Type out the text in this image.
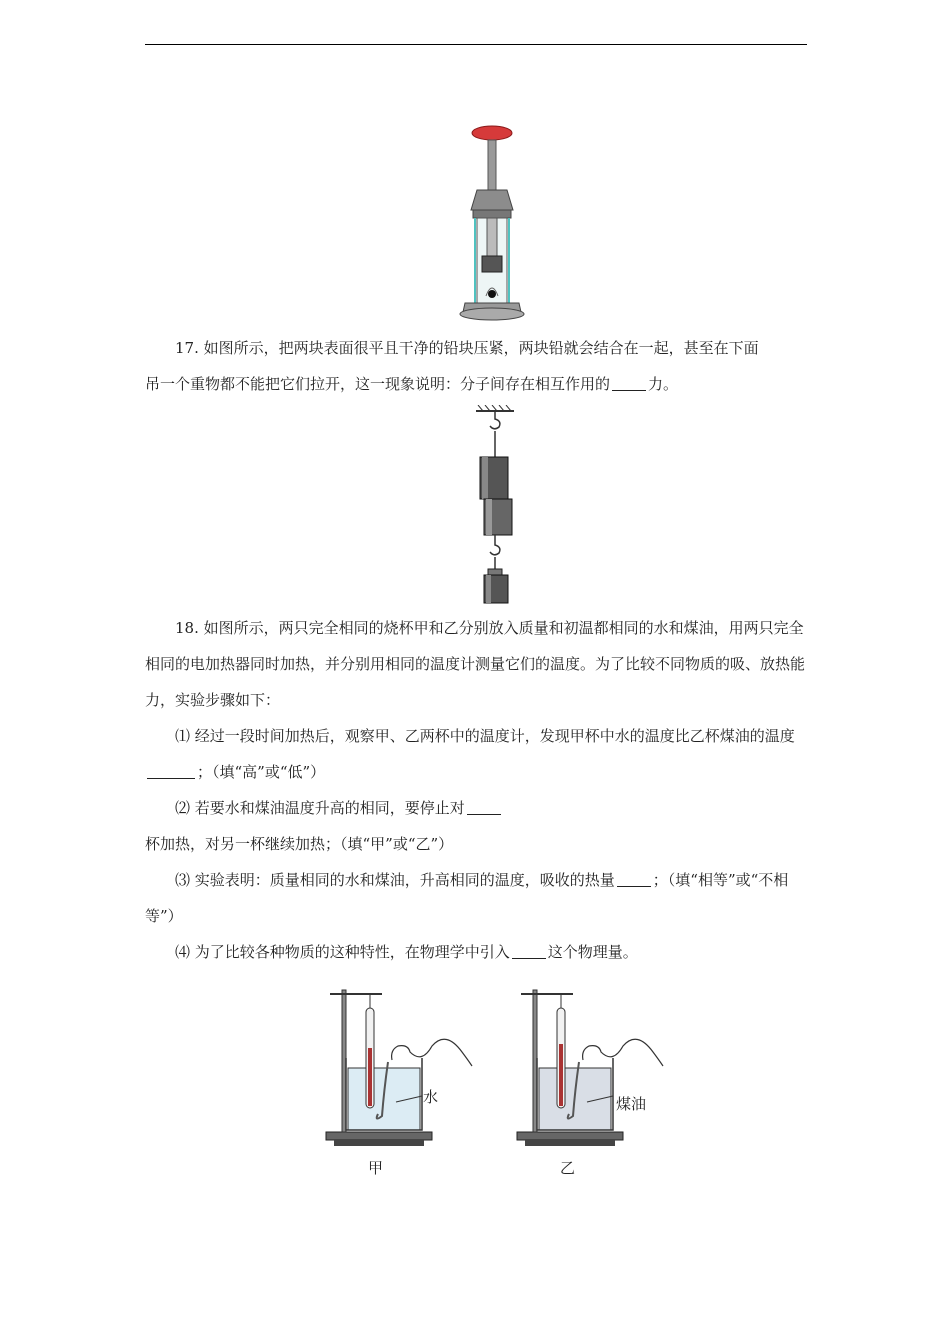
17. 如图所示，把两块表面很平且干净的铅块压紧，两块铅就会结合在一起，甚至在下面

吊一个重物都不能把它们拉开，这一现象说明：分子间存在相互作用的	力。

18. 如图所示，两只完全相同的烧杯甲和乙分别放入质量和初温都相同的水和煤油，用两只完全相同的电加热器同时加热，并分别用相同的温度计测量它们的温度。为了比较不同物质的吸、放热能力，实验步骤如下：

⑴ 经过一段时间加热后，观察甲、乙两杯中的温度计，发现甲杯中水的温度比乙杯煤油的温度；（填“高”或“低”）

⑵ 若要水和煤油温度升高的相同，要停止对杯加热，对另一杯继续加热；（填“甲”或“乙”）

⑶ 实验表明：质量相同的水和煤油，升高相同的温度，吸收的热量	；（填“相等”或“不相等”）

⑷ 为了比较各种物质的这种特性，在物理学中引入	这个物理量。

水	煤油
甲	乙
